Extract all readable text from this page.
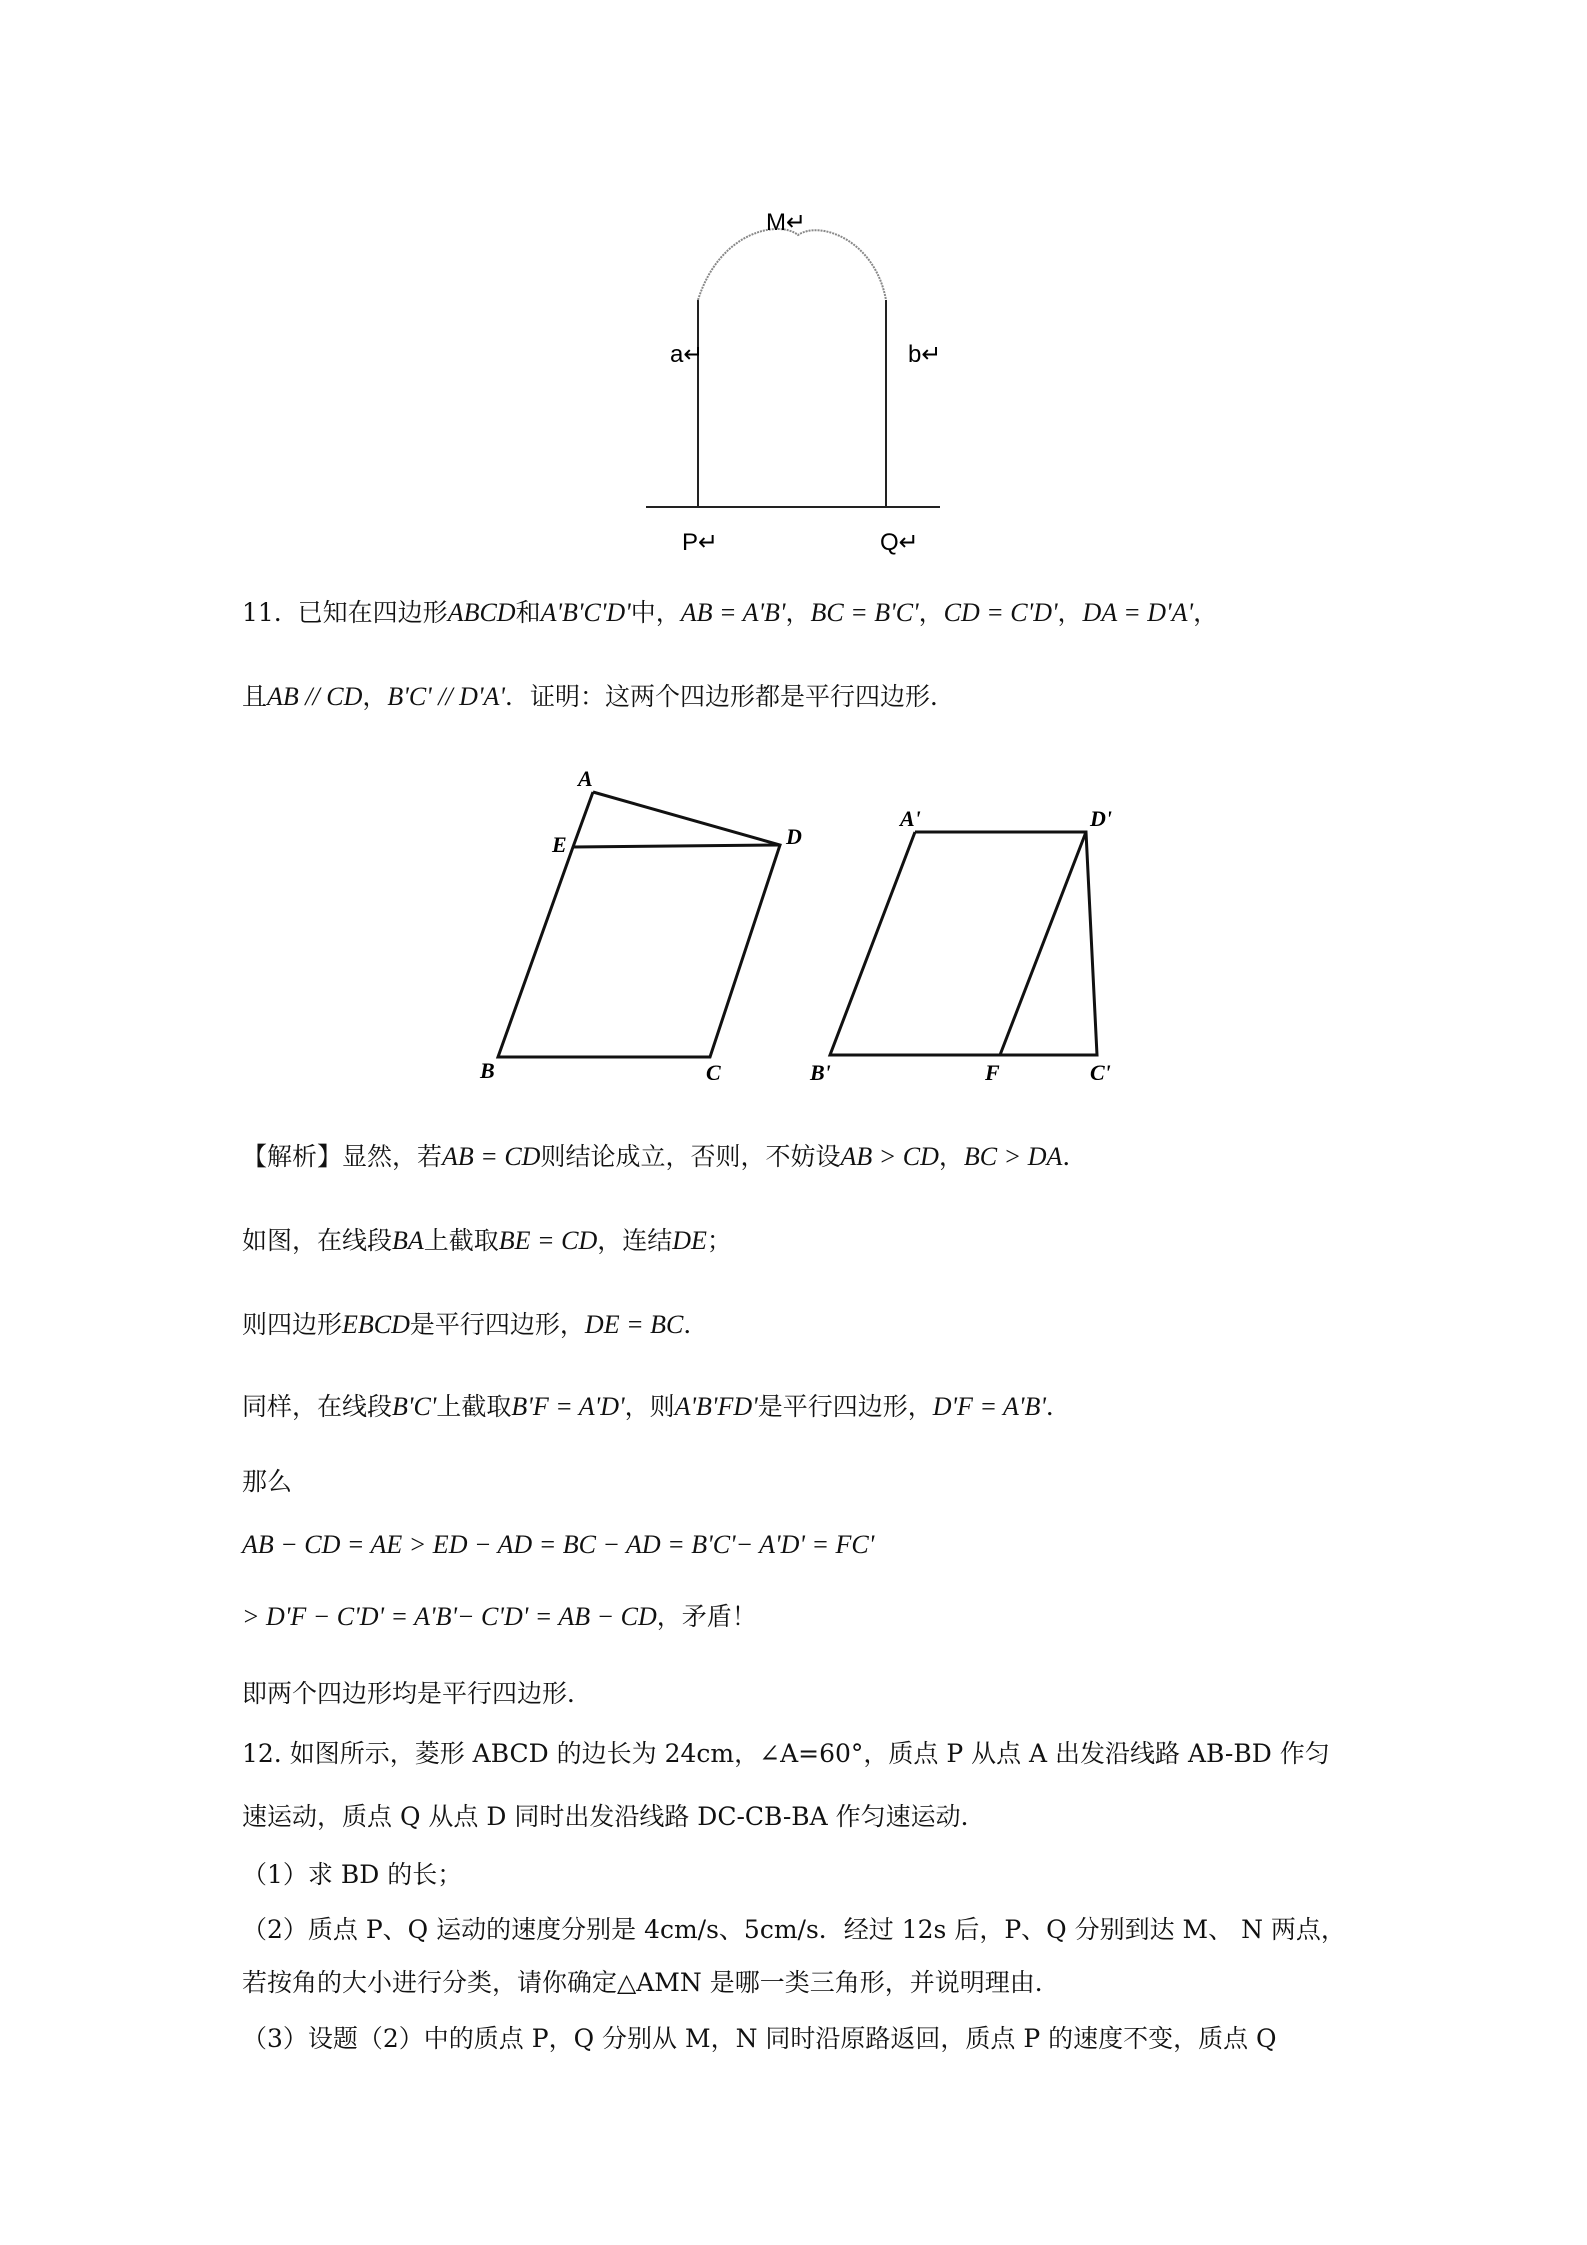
M↵
a↵	b↵
P↵	Q↵
11. 已知在四边形ABCD和A'B'C'D'中，AB = A'B'，BC = B'C'，CD = C'D'，DA = D'A'，
且AB // CD，B'C' // D'A'．证明：这两个四边形都是平行四边形．
A
E	D
B	C
A'	D'
B'	F	C'
【解析】显然，若AB = CD则结论成立，否则，不妨设AB > CD，BC > DA．
如图，在线段BA上截取BE = CD，连结DE；
则四边形EBCD是平行四边形，DE = BC．
同样，在线段B'C'上截取B'F = A'D'，则A'B'FD'是平行四边形，D'F = A'B'．
那么
AB − CD = AE > ED − AD = BC − AD = B'C'− A'D' = FC'
> D'F − C'D' = A'B'− C'D' = AB − CD，矛盾！
即两个四边形均是平行四边形．
12. 如图所示，菱形 ABCD 的边长为 24cm，∠A=60°，质点 P 从点 A 出发沿线路 AB-BD 作匀
速运动，质点 Q 从点 D 同时出发沿线路 DC-CB-BA 作匀速运动．
（1）求 BD 的长；
（2）质点 P、Q 运动的速度分别是 4cm/s、5cm/s．经过 12s 后，P、Q 分别到达 M、 N 两点，
若按角的大小进行分类，请你确定△AMN 是哪一类三角形，并说明理由．
（3）设题（2）中的质点 P，Q 分别从 M，N 同时沿原路返回，质点 P 的速度不变，质点 Q
